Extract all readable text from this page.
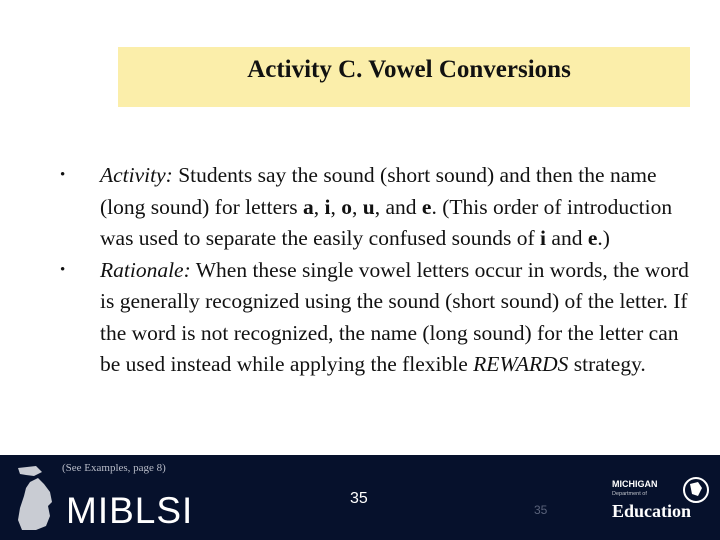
Activity C. Vowel Conversions
•	Activity: Students say the sound (short sound) and then the name (long sound) for letters a, i, o, u, and e. (This order of introduction was used to separate the easily confused sounds of i and e.)
•	Rationale: When these single vowel letters occur in words, the word is generally recognized using the sound (short sound) of the letter. If the word is not recognized, the name (long sound) for the letter can be used instead while applying the flexible REWARDS strategy.
MIBLSI
(See Examples, page 8)
35
35
MICHIGAN
Department of
Education
